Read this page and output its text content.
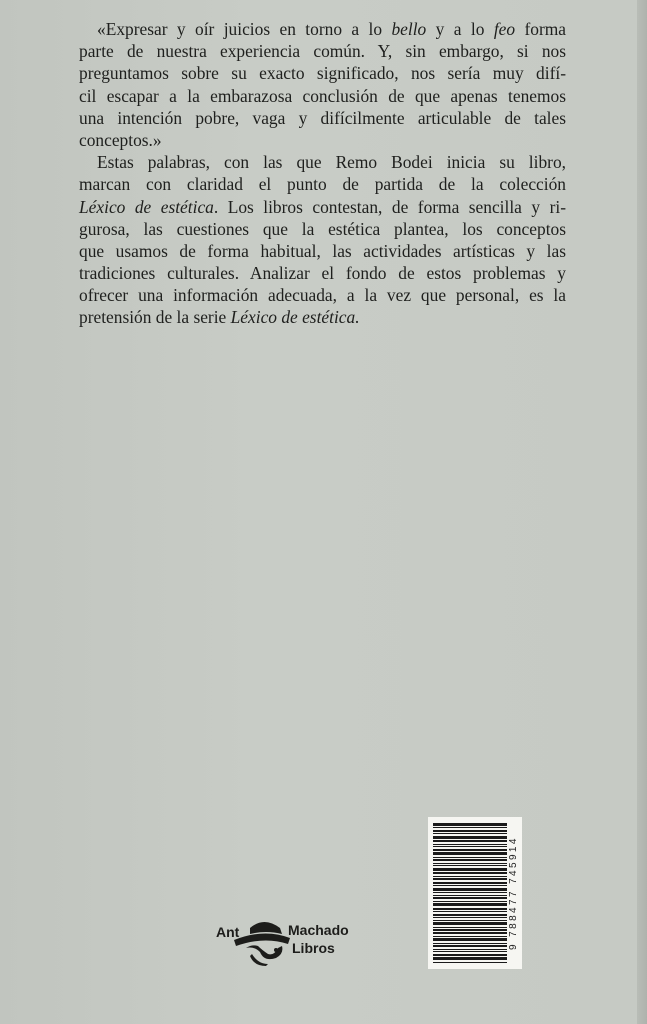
«Expresar y oír juicios en torno a lo bello y a lo feo forma
parte de nuestra experiencia común. Y, sin embargo, si nos
preguntamos sobre su exacto significado, nos sería muy difí-
cil escapar a la embarazosa conclusión de que apenas tenemos
una intención pobre, vaga y difícilmente articulable de tales
conceptos.»
Estas palabras, con las que Remo Bodei inicia su libro,
marcan con claridad el punto de partida de la colección
Léxico de estética. Los libros contestan, de forma sencilla y ri-
gurosa, las cuestiones que la estética plantea, los conceptos
que usamos de forma habitual, las actividades artísticas y las
tradiciones culturales. Analizar el fondo de estos problemas y
ofrecer una información adecuada, a la vez que personal, es la
pretensión de la serie Léxico de estética.
9 788477 745914
Ant	Machado
Libros
